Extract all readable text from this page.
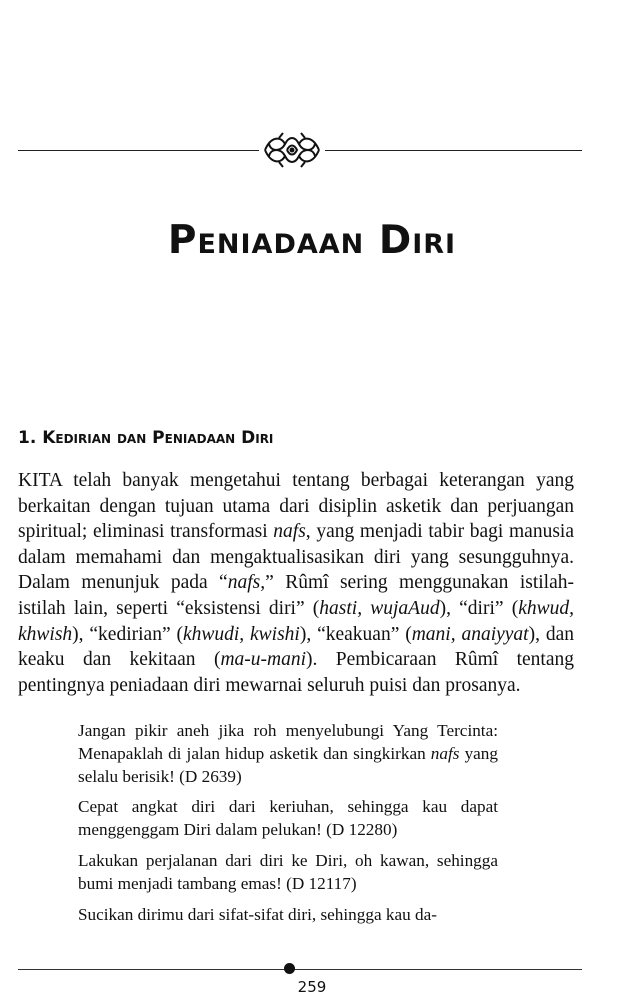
Peniadaan Diri
1. Kedirian dan Peniadaan Diri

KITA telah banyak mengetahui tentang berbagai keterangan yang berkaitan dengan tujuan utama dari disiplin asketik dan perjuangan spiritual; eliminasi transformasi nafs, yang menjadi tabir bagi manusia dalam memahami dan mengaktualisasikan diri yang sesungguhnya. Dalam menunjuk pada “nafs,” Rûmî sering menggunakan istilah-istilah lain, seperti “eksistensi diri” (hasti, wujaAud), “diri” (khwud, khwish), “kedirian” (khwudi, kwishi), “keakuan” (mani, anaiyyat), dan keaku dan kekitaan (ma-u-mani). Pembicaraan Rûmî tentang pentingnya peniadaan diri mewarnai seluruh puisi dan prosanya.

Jangan pikir aneh jika roh menyelubungi Yang Tercinta: Menapaklah di jalan hidup asketik dan singkirkan nafs yang selalu berisik! (D 2639)

Cepat angkat diri dari keriuhan, sehingga kau dapat menggenggam Diri dalam pelukan! (D 12280)

Lakukan perjalanan dari diri ke Diri, oh kawan, sehingga bumi menjadi tambang emas! (D 12117)

Sucikan dirimu dari sifat-sifat diri, sehingga kau da-

259
